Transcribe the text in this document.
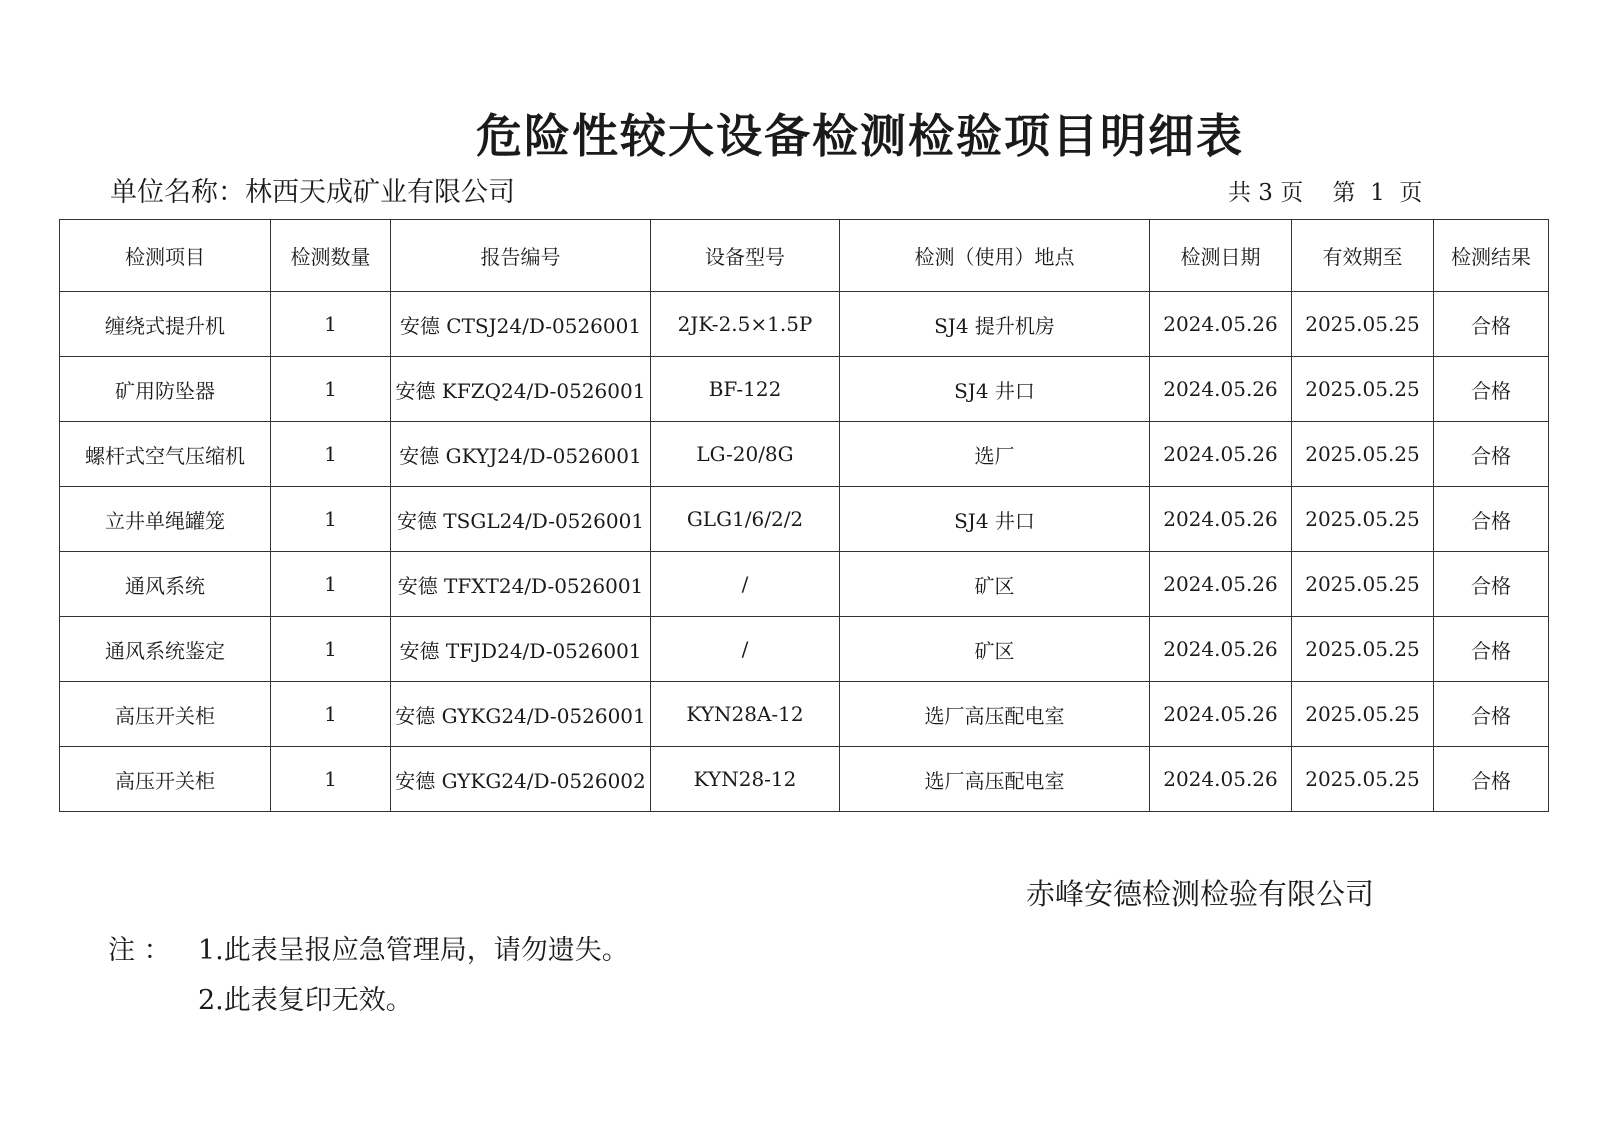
危险性较大设备检测检验项目明细表
单位名称：林西天成矿业有限公司	共 3 页    第  1  页
检测项目	检测数量	报告编号	设备型号	检测（使用）地点	检测日期	有效期至	检测结果
缠绕式提升机	1	安德 CTSJ24/D-0526001	2JK-2.5×1.5P	SJ4 提升机房	2024.05.26	2025.05.25	合格
矿用防坠器	1	安德 KFZQ24/D-0526001	BF-122	SJ4 井口	2024.05.26	2025.05.25	合格
螺杆式空气压缩机	1	安德 GKYJ24/D-0526001	LG-20/8G	选厂	2024.05.26	2025.05.25	合格
立井单绳罐笼	1	安德 TSGL24/D-0526001	GLG1/6/2/2	SJ4 井口	2024.05.26	2025.05.25	合格
通风系统	1	安德 TFXT24/D-0526001	/	矿区	2024.05.26	2025.05.25	合格
通风系统鉴定	1	安德 TFJD24/D-0526001	/	矿区	2024.05.26	2025.05.25	合格
高压开关柜	1	安德 GYKG24/D-0526001	KYN28A-12	选厂高压配电室	2024.05.26	2025.05.25	合格
高压开关柜	1	安德 GYKG24/D-0526002	KYN28-12	选厂高压配电室	2024.05.26	2025.05.25	合格
赤峰安德检测检验有限公司
注 ： 1.此表呈报应急管理局，请勿遗失。
2.此表复印无效。
